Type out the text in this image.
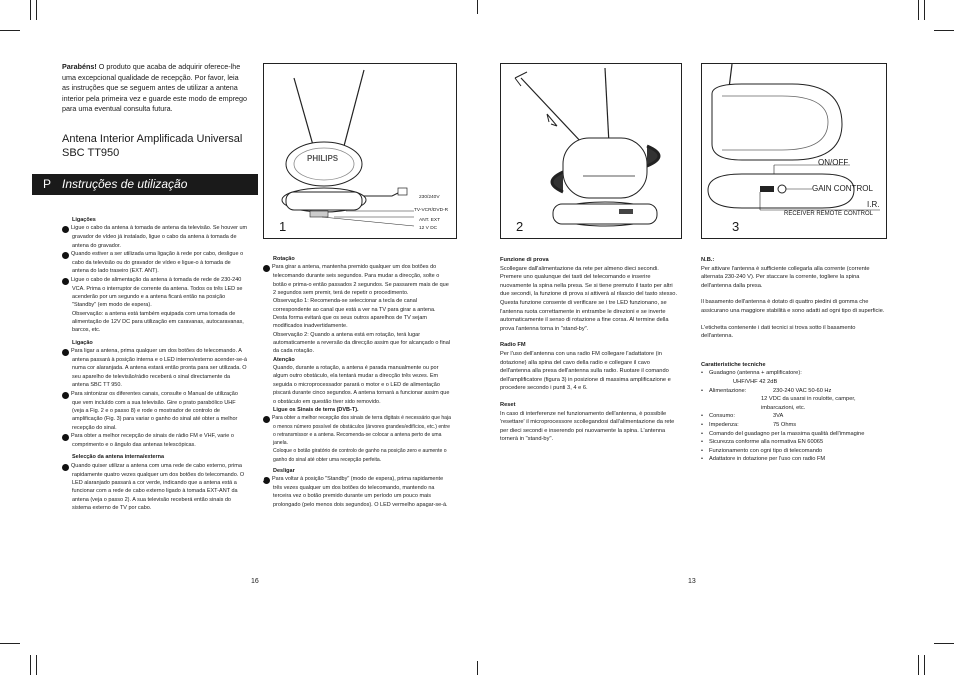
Parabéns! O produto que acaba de adquirir oferece-lhe uma excepcional qualidade de recepção. Por favor, leia as instruções que se seguem antes de utilizar a antena interior pela primeira vez e guarde este modo de emprego para uma eventual consulta futura.
Antena Interior Amplificada Universal
SBC TT950
P Instruções de utilização
Ligações
1 Ligue o cabo da antena à tomada de antena da televisão. Se houver um gravador de vídeo já instalado, ligue o cabo da antena à tomada de antena do gravador.
2 Quando estiver a ser utilizada uma ligação à rede por cabo, desligue o cabo da televisão ou do gravador de vídeo e ligue-o à tomada de antena do lado traseiro (EXT. ANT).
3 Ligue o cabo de alimentação da antena à tomada de rede de 230-240 VCA. Prima o interruptor de corrente da antena. Todos os três LED se acenderão por um segundo e a antena ficará então na posição "Standby" (em modo de espera).
Observação: a antena está também equipada com uma tomada de alimentação de 12V DC para utilização em caravanas, autocaravanas, barcos, etc.
Ligação
4 Para ligar a antena, prima qualquer um dos botões do telecomando. A antena passará à posição interna e o LED interno/externo acender-se-á numa cor alaranjada. A antena estará então pronta para ser utilizada. O seu aparelho de televisão/rádio receberá o sinal directamente da antena SBC TT 950.
5 Para sintonizar os diferentes canais, consulte o Manual de utilização que vem incluído com a sua televisão. Gire o prato parabólico UHF (veja a Fig. 2 e o passo 8) e rode o mostrador de controlo de amplificação (Fig. 3) para variar o ganho do sinal até obter a melhor recepção do sinal.
6 Para obter a melhor recepção de sinais de rádio FM e VHF, varie o comprimento e o ângulo das antenas telescópicas.
Selecção da antena interna/externa
7 Quando quiser utilizar a antena com uma rede de cabo externo, prima rapidamente quatro vezes qualquer um dos botões do telecomando. O LED alaranjado passará a cor verde, indicando que a antena está a funcionar com a rede de cabo externo ligado à tomada EXT-ANT da antena (veja o passo 2). A sua televisão receberá então sinais do sistema externo de TV por cabo.
Rotação
8 Para girar a antena, mantenha premido qualquer um dos botões do telecomando durante seis segundos. Para mudar a direcção, solte o botão e prima-o então passados 2 segundos. Se passarem mais de que 2 segundos sem premir, terá de repetir o procedimento.
Observação 1: Recomenda-se seleccionar a tecla de canal correspondente ao canal que está a ver na TV para girar a antena. Desta forma evitará que os seus outros aparelhos de TV sejam modificados inadvertidamente.
Observação 2: Quando a antena está em rotação, terá lugar automaticamente a reversão da direcção assim que for alcançado o final da cada rotação.
Atenção
Quando, durante a rotação, a antena é parada manualmente ou por algum outro obstáculo, ela tentará mudar a direcção três vezes. Em seguida o microprocessador parará o motor e o LED de alimentação piscará durante cinco segundos. A antena tornará a funcionar assim que o obstáculo em questão tiver sido removido.
Ligue os Sinais de terra (DVB-T).
9 Para obter a melhor recepção dos sinais de terra digitais é necessário que haja o menos número possível de obstáculos (árvores grandes/edifícios, etc.) entre o retransmissor e a antena. Recomenda-se colocar a antena perto de uma janela.
Coloque o botão giratório de controlo de ganho na posição zero e aumente o ganho do sinal até obter uma recepção perfeita.
Desligar
10 Para voltar à posição "Standby" (modo de espera), prima rapidamente três vezes qualquer um dos botões do telecomando, mantendo na terceira vez o botão premido durante um período um pouco mais prolongado (pelo menos dois segundos). O LED vermelho apagar-se-á.
Funzione di prova
Scollegare dall'alimentazione da rete per almeno dieci secondi. Premere uno qualunque dei tasti del telecomando e inserire nuovamente la spina nella presa. Se si tiene premuto il tasto per altri due secondi, la funzione di prova si attiverà al rilascio del tasto stesso.
Questa funzione consente di verificare se i tre LED funzionano, se l'antenna ruota correttamente in entrambe le direzioni e se inverte automaticamente il senso di rotazione a fine corsa. Al termine della prova l'antenna torna in "stand-by".
Radio FM
Per l'uso dell'antenna con una radio FM collegare l'adattatore (in dotazione) alla spina del cavo della radio e collegare il cavo dell'antenna alla presa dell'antenna sulla radio. Ruotare il comando dell'amplificatore (figura 3) in posizione di massima amplificazione e procedere secondo i punti 3, 4 e 6.
Reset
In caso di interferenze nel funzionamento dell'antenna, è possibile 'resettare' il microprocessore scollegandosi dall'alimentazione da rete per dieci secondi e inserendo poi nuovamente la spina. L'antenna tornerà in "stand-by".
N.B.:
Per attivare l'antenna è sufficiente collegarla alla corrente (corrente alternata 230-240 V). Per staccare la corrente, togliere la spina dell'antenna dalla presa.
Il basamento dell'antenna è dotato di quattro piedini di gomma che assicurano una maggiore stabilità e sono adatti ad ogni tipo di superficie.
L'etichetta contenente i dati tecnici si trova sotto il basamento dell'antenna.
Caratteristiche tecniche
•	Guadagno (antenna + amplificatore):
UHF/VHF 42 2dB
•	Alimentazione:	230-240 VAC 50-60 Hz
12 VDC da usarsi in roulotte, camper, imbarcazioni, etc.
•	Consumo:	3VA
•	Impedenza:	75 Ohms
•	Comando del guadagno per la massima qualità dell'immagine
•	Sicurezza conforme alla normativa EN 60065
•	Funzionamento con ogni tipo di telecomando
•	Adattatore in dotazione per l'uso con radio FM
16	13
PHILIPS
230/240V
TV-VCR/DVD-R
ANT. EXT
12 V DC
1	2
ON/OFF
GAIN CONTROL
I.R.
RECEIVER REMOTE CONTROL
3
